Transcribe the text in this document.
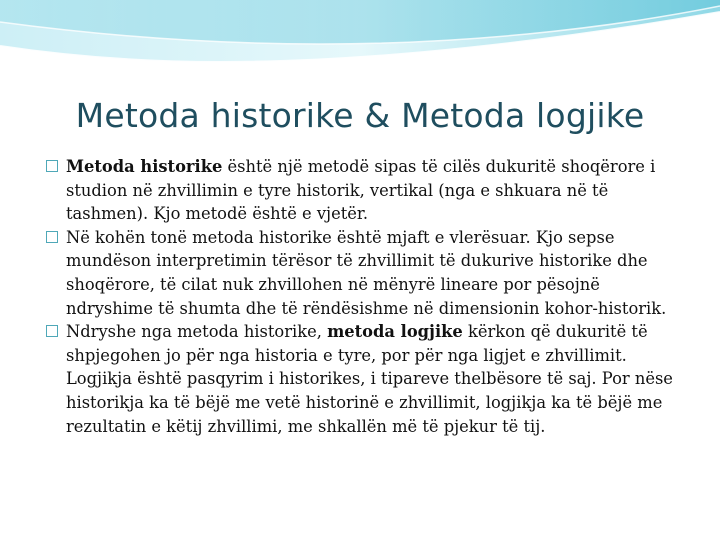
Metoda historike & Metoda logjike
Metoda historike është një metodë sipas të cilës dukuritë shoqërore i studion në zhvillimin e tyre historik, vertikal (nga e shkuara në të tashmen). Kjo metodë është e vjetër.
Në kohën tonë metoda historike është mjaft e vlerësuar. Kjo sepse mundëson interpretimin tërësor të zhvillimit të dukurive historike dhe shoqërore, të cilat nuk zhvillohen në mënyrë lineare por pësojnë ndryshime të shumta dhe të rëndësishme në dimensionin kohor-historik.
Ndryshe nga metoda historike, metoda logjike kërkon që dukuritë të shpjegohen jo për nga historia e tyre, por për nga ligjet e zhvillimit. Logjikja është pasqyrim i historikes, i tipareve thelbësore të saj. Por nëse historikja ka të bëjë me vetë historinë e zhvillimit, logjikja ka të bëjë me rezultatin e këtij zhvillimi, me shkallën më të pjekur të tij.
